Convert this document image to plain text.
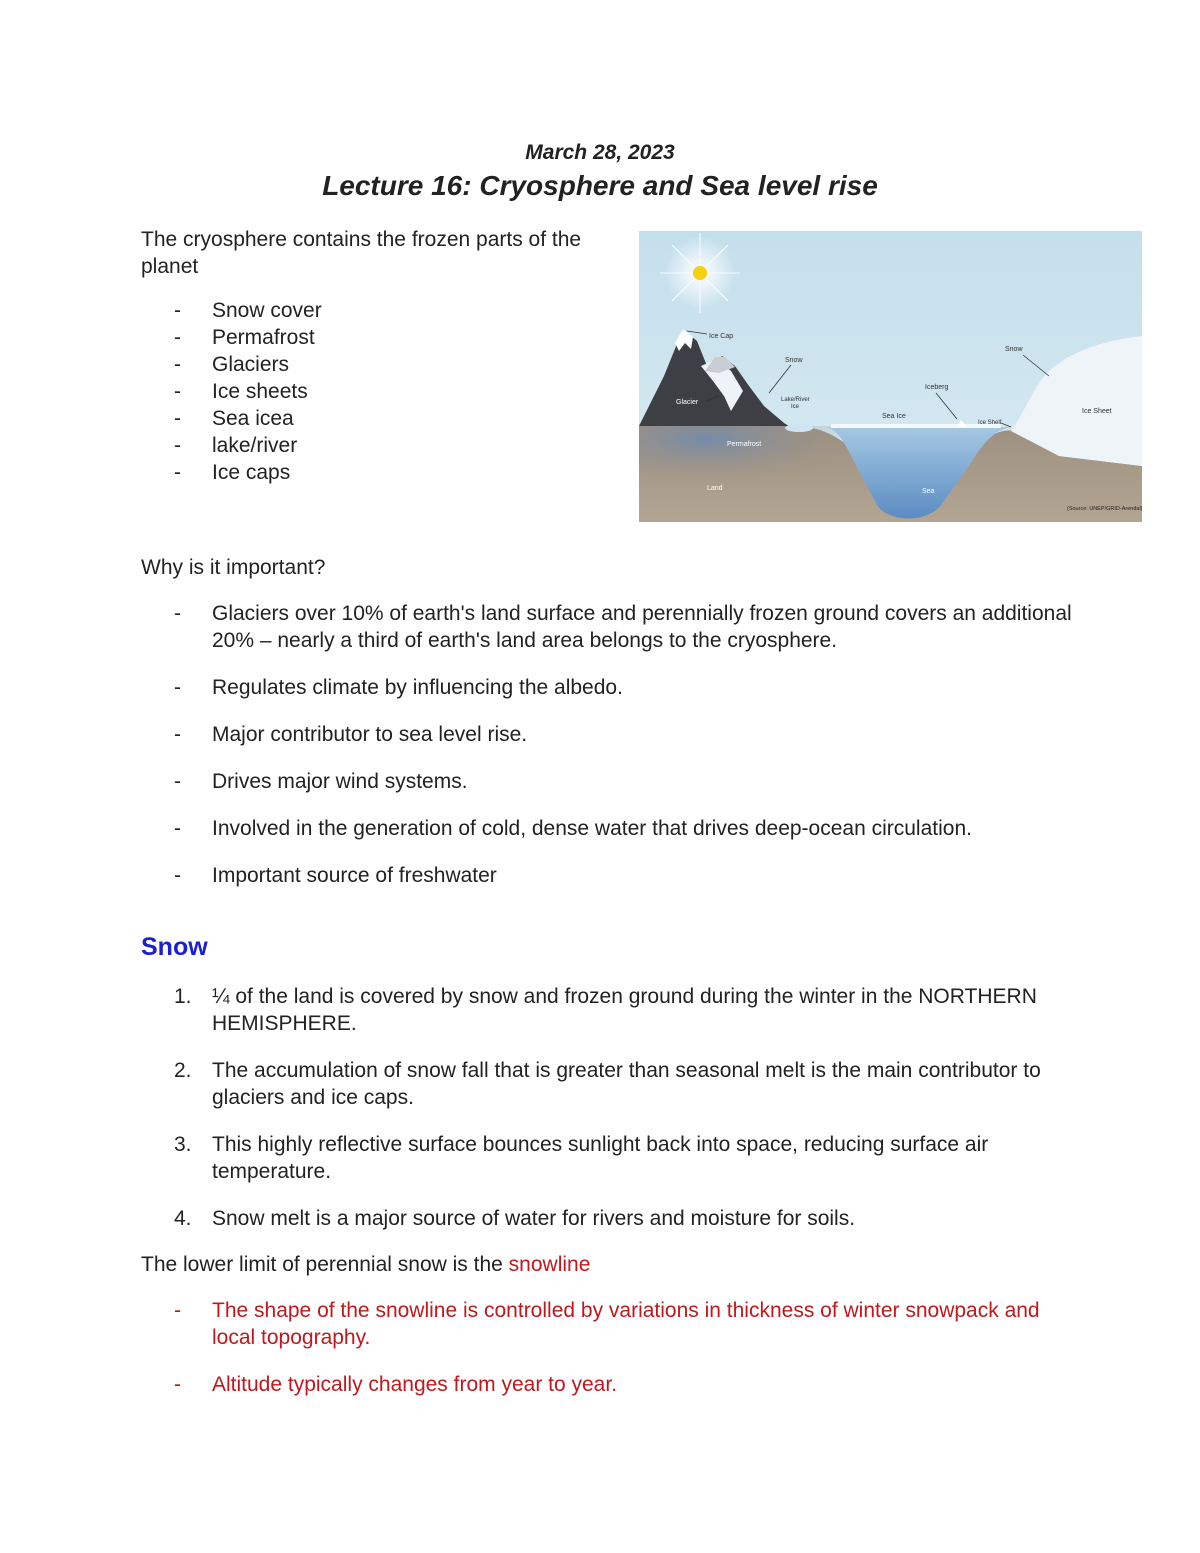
March 28, 2023
Lecture 16: Cryosphere and Sea level rise
The cryosphere contains the frozen parts of the planet
- Snow cover
- Permafrost
- Glaciers
- Ice sheets
- Sea icea
- lake/river
- Ice caps
Ice Cap
Snow
Glacier	Lake/River
Ice
Iceberg
Sea Ice
Ice Shelf
Snow
Ice Sheet
Permafrost
Land	Sea
(Source: UNEP/GRID-Arendal)
Why is it important?
- Glaciers over 10% of earth's land surface and perennially frozen ground covers an additional 20% – nearly a third of earth's land area belongs to the cryosphere.
- Regulates climate by influencing the albedo.
- Major contributor to sea level rise.
- Drives major wind systems.
- Involved in the generation of cold, dense water that drives deep-ocean circulation.
- Important source of freshwater
Snow
1. ¼ of the land is covered by snow and frozen ground during the winter in the NORTHERN HEMISPHERE.
2. The accumulation of snow fall that is greater than seasonal melt is the main contributor to glaciers and ice caps.
3. This highly reflective surface bounces sunlight back into space, reducing surface air temperature.
4. Snow melt is a major source of water for rivers and moisture for soils.
The lower limit of perennial snow is the snowline
- The shape of the snowline is controlled by variations in thickness of winter snowpack and local topography.
- Altitude typically changes from year to year.
